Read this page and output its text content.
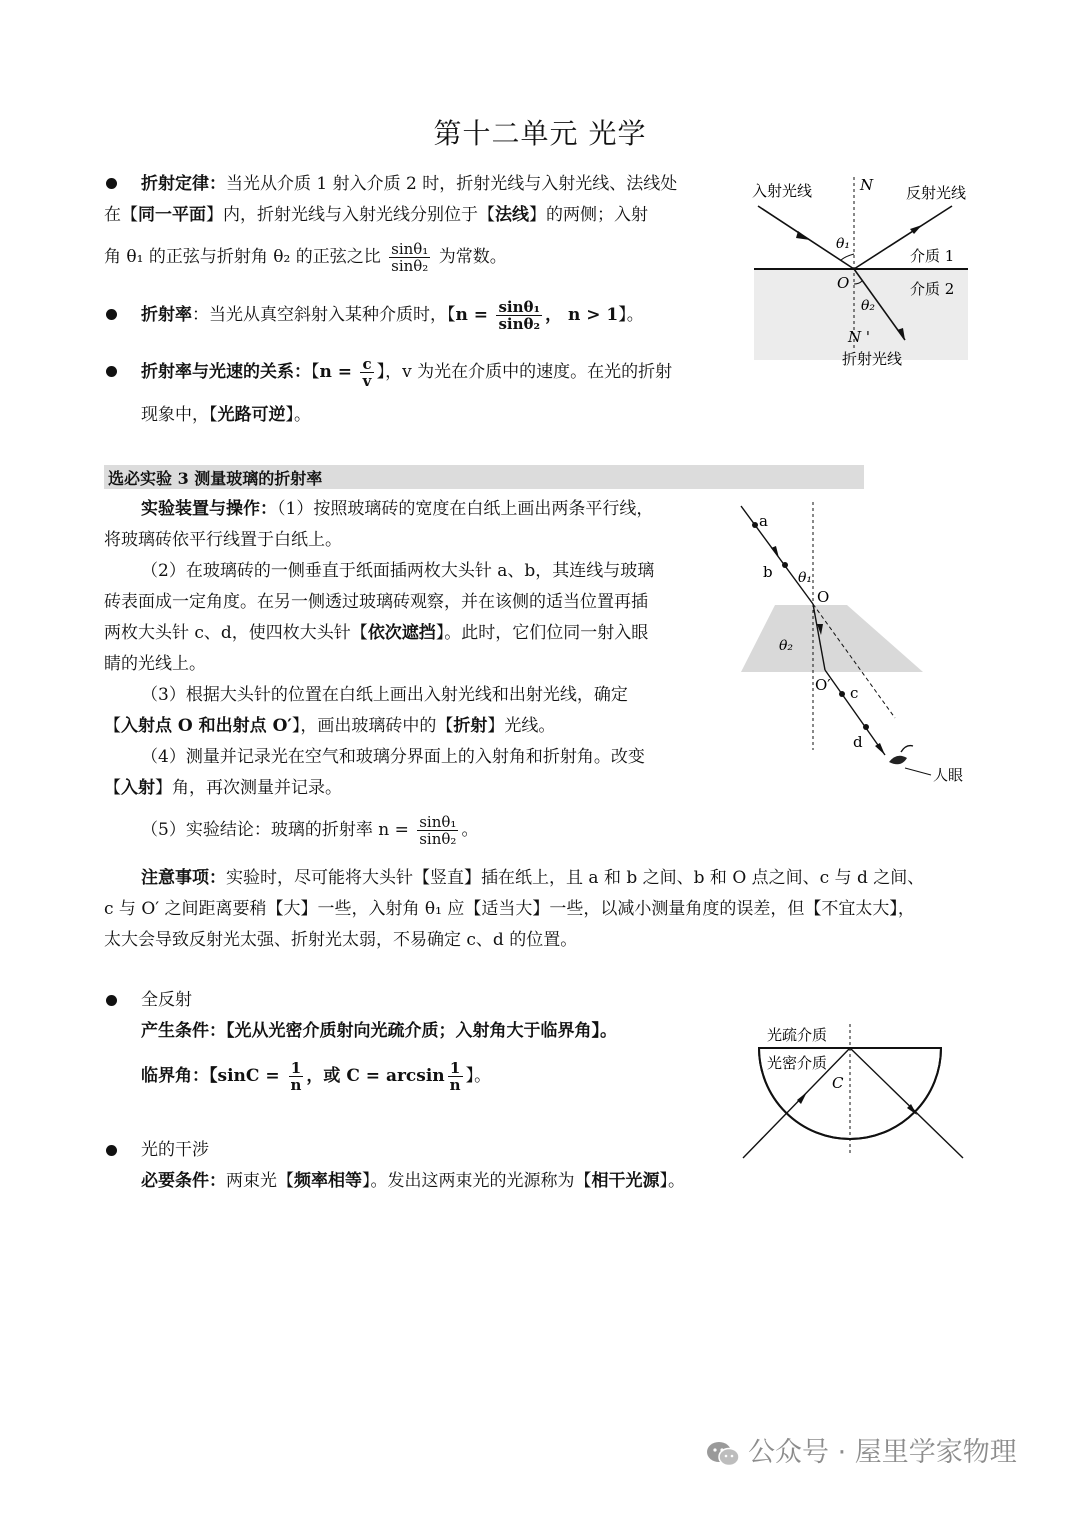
第十二单元 光学
折射定律：当光从介质 1 射入介质 2 时，折射光线与入射光线、法线处
在【同一平面】内，折射光线与入射光线分别位于【法线】的两侧；入射
角 θ₁ 的正弦与折射角 θ₂ 的正弦之比 $\frac{\text{sinθ₁}}{\text{sinθ₂}}$ 为常数。
折射率：当光从真空斜射入某种介质时，【$n = \frac{\text{sinθ₁}}{\text{sinθ₂}}$ ， n > 1】。
折射率与光速的关系：【$n = \frac{c}{v}$ 】，v 为光在介质中的速度。在光的折射
现象中，【光路可逆】。
入射光线	N 反射光线
θ₁
介质 1
O	介质 2
θ₂
N '
折射光线
选必实验 3 测量玻璃的折射率
实验装置与操作：（1）按照玻璃砖的宽度在白纸上画出两条平行线，
将玻璃砖依平行线置于白纸上。
（2）在玻璃砖的一侧垂直于纸面插两枚大头针 a、b，其连线与玻璃
砖表面成一定角度。在另一侧透过玻璃砖观察，并在该侧的适当位置再插
两枚大头针 c、d，使四枚大头针【依次遮挡】。此时，它们位同一射入眼
睛的光线上。
（3）根据大头针的位置在白纸上画出入射光线和出射光线，确定
【入射点 O 和出射点 O′】，画出玻璃砖中的【折射】光线。
（4）测量并记录光在空气和玻璃分界面上的入射角和折射角。改变
【入射】角，再次测量并记录。
（5）实验结论：玻璃的折射率 $n = \frac{\text{sinθ₁}}{\text{sinθ₂}}$ 。
a
b θ₁
O
θ₂
O′ c
d
人眼
注意事项：实验时，尽可能将大头针【竖直】插在纸上，且 a 和 b 之间、b 和 O 点之间、c 与 d 之间、
c 与 O′ 之间距离要稍【大】一些，入射角 θ₁ 应【适当大】一些，以减小测量角度的误差，但【不宜太大】，
太大会导致反射光太强、折射光太弱，不易确定 c、d 的位置。
全反射
产生条件：【光从光密介质射向光疏介质；入射角大于临界角】。
临界角：【$\sin C = \frac{1}{n}$ ，或 $C = \arcsin \frac{1}{n}$ 】。
光疏介质
光密介质
C
光的干涉
必要条件：两束光【频率相等】。发出这两束光的光源称为【相干光源】。
公众号 · 屋里学家物理
